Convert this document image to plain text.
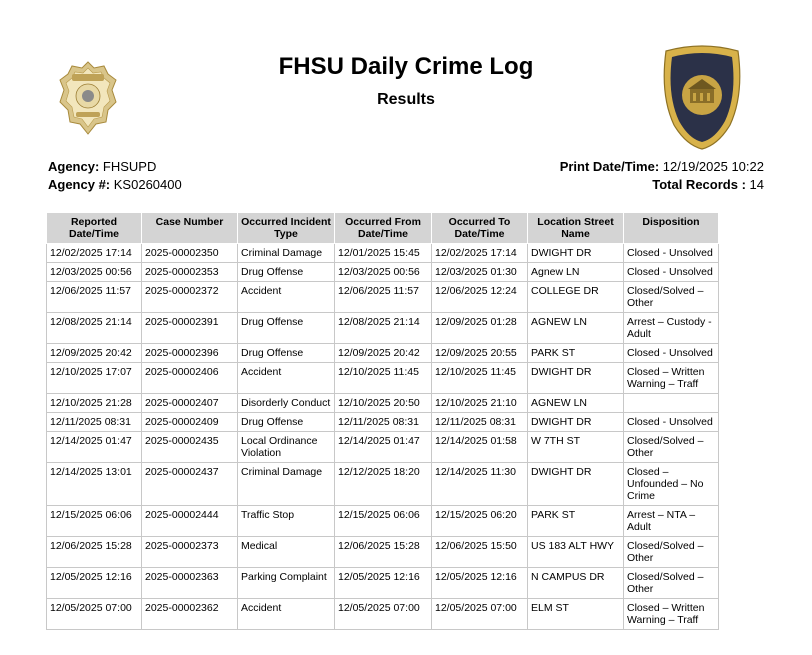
FHSU Daily Crime Log
Results
Agency: FHSUPD
Agency #: KS0260400
Print Date/Time: 12/19/2025 10:22
Total Records : 14
Reported Date/Time	Case Number	Occurred Incident Type	Occurred From Date/Time	Occurred To Date/Time	Location Street Name	Disposition
12/02/2025 17:14	2025-00002350	Criminal Damage	12/01/2025 15:45	12/02/2025 17:14	DWIGHT DR	Closed - Unsolved
12/03/2025 00:56	2025-00002353	Drug Offense	12/03/2025 00:56	12/03/2025 01:30	Agnew LN	Closed - Unsolved
12/06/2025 11:57	2025-00002372	Accident	12/06/2025 11:57	12/06/2025 12:24	COLLEGE DR	Closed/Solved – Other
12/08/2025 21:14	2025-00002391	Drug Offense	12/08/2025 21:14	12/09/2025 01:28	AGNEW LN	Arrest – Custody - Adult
12/09/2025 20:42	2025-00002396	Drug Offense	12/09/2025 20:42	12/09/2025 20:55	PARK ST	Closed - Unsolved
12/10/2025 17:07	2025-00002406	Accident	12/10/2025 11:45	12/10/2025 11:45	DWIGHT DR	Closed – Written Warning – Traff
12/10/2025 21:28	2025-00002407	Disorderly Conduct	12/10/2025 20:50	12/10/2025 21:10	AGNEW LN	
12/11/2025 08:31	2025-00002409	Drug Offense	12/11/2025 08:31	12/11/2025 08:31	DWIGHT DR	Closed - Unsolved
12/14/2025 01:47	2025-00002435	Local Ordinance Violation	12/14/2025 01:47	12/14/2025 01:58	W 7TH ST	Closed/Solved – Other
12/14/2025 13:01	2025-00002437	Criminal Damage	12/12/2025 18:20	12/14/2025 11:30	DWIGHT DR	Closed – Unfounded – No Crime
12/15/2025 06:06	2025-00002444	Traffic Stop	12/15/2025 06:06	12/15/2025 06:20	PARK ST	Arrest – NTA – Adult
12/06/2025 15:28	2025-00002373	Medical	12/06/2025 15:28	12/06/2025 15:50	US 183 ALT HWY	Closed/Solved – Other
12/05/2025 12:16	2025-00002363	Parking Complaint	12/05/2025 12:16	12/05/2025 12:16	N CAMPUS DR	Closed/Solved – Other
12/05/2025 07:00	2025-00002362	Accident	12/05/2025 07:00	12/05/2025 07:00	ELM ST	Closed – Written Warning – Traff
